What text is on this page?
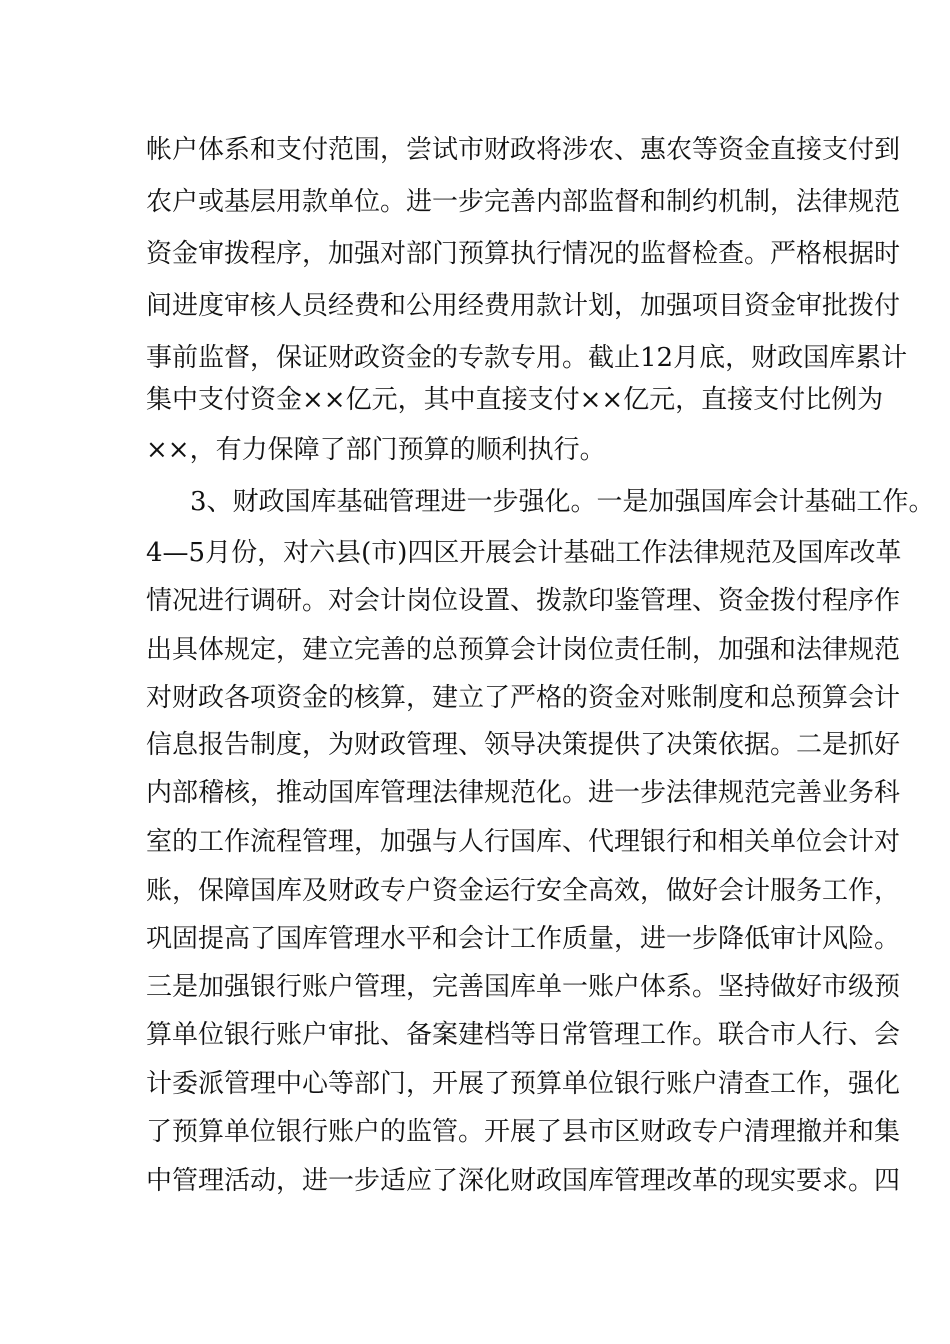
帐户体系和支付范围，尝试市财政将涉农、惠农等资金直接支付到
农户或基层用款单位。进一步完善内部监督和制约机制，法律规范
资金审拨程序，加强对部门预算执行情况的监督检查。严格根据时
间进度审核人员经费和公用经费用款计划，加强项目资金审批拨付
事前监督，保证财政资金的专款专用。截止12月底，财政国库累计
集中支付资金××亿元，其中直接支付××亿元，直接支付比例为
××，有力保障了部门预算的顺利执行。
3、财政国库基础管理进一步强化。一是加强国库会计基础工作。
4—5月份，对六县(市)四区开展会计基础工作法律规范及国库改革
情况进行调研。对会计岗位设置、拨款印鉴管理、资金拨付程序作
出具体规定，建立完善的总预算会计岗位责任制，加强和法律规范
对财政各项资金的核算，建立了严格的资金对账制度和总预算会计
信息报告制度，为财政管理、领导决策提供了决策依据。二是抓好
内部稽核，推动国库管理法律规范化。进一步法律规范完善业务科
室的工作流程管理，加强与人行国库、代理银行和相关单位会计对
账，保障国库及财政专户资金运行安全高效，做好会计服务工作，
巩固提高了国库管理水平和会计工作质量，进一步降低审计风险。
三是加强银行账户管理，完善国库单一账户体系。坚持做好市级预
算单位银行账户审批、备案建档等日常管理工作。联合市人行、会
计委派管理中心等部门，开展了预算单位银行账户清查工作，强化
了预算单位银行账户的监管。开展了县市区财政专户清理撤并和集
中管理活动，进一步适应了深化财政国库管理改革的现实要求。四
